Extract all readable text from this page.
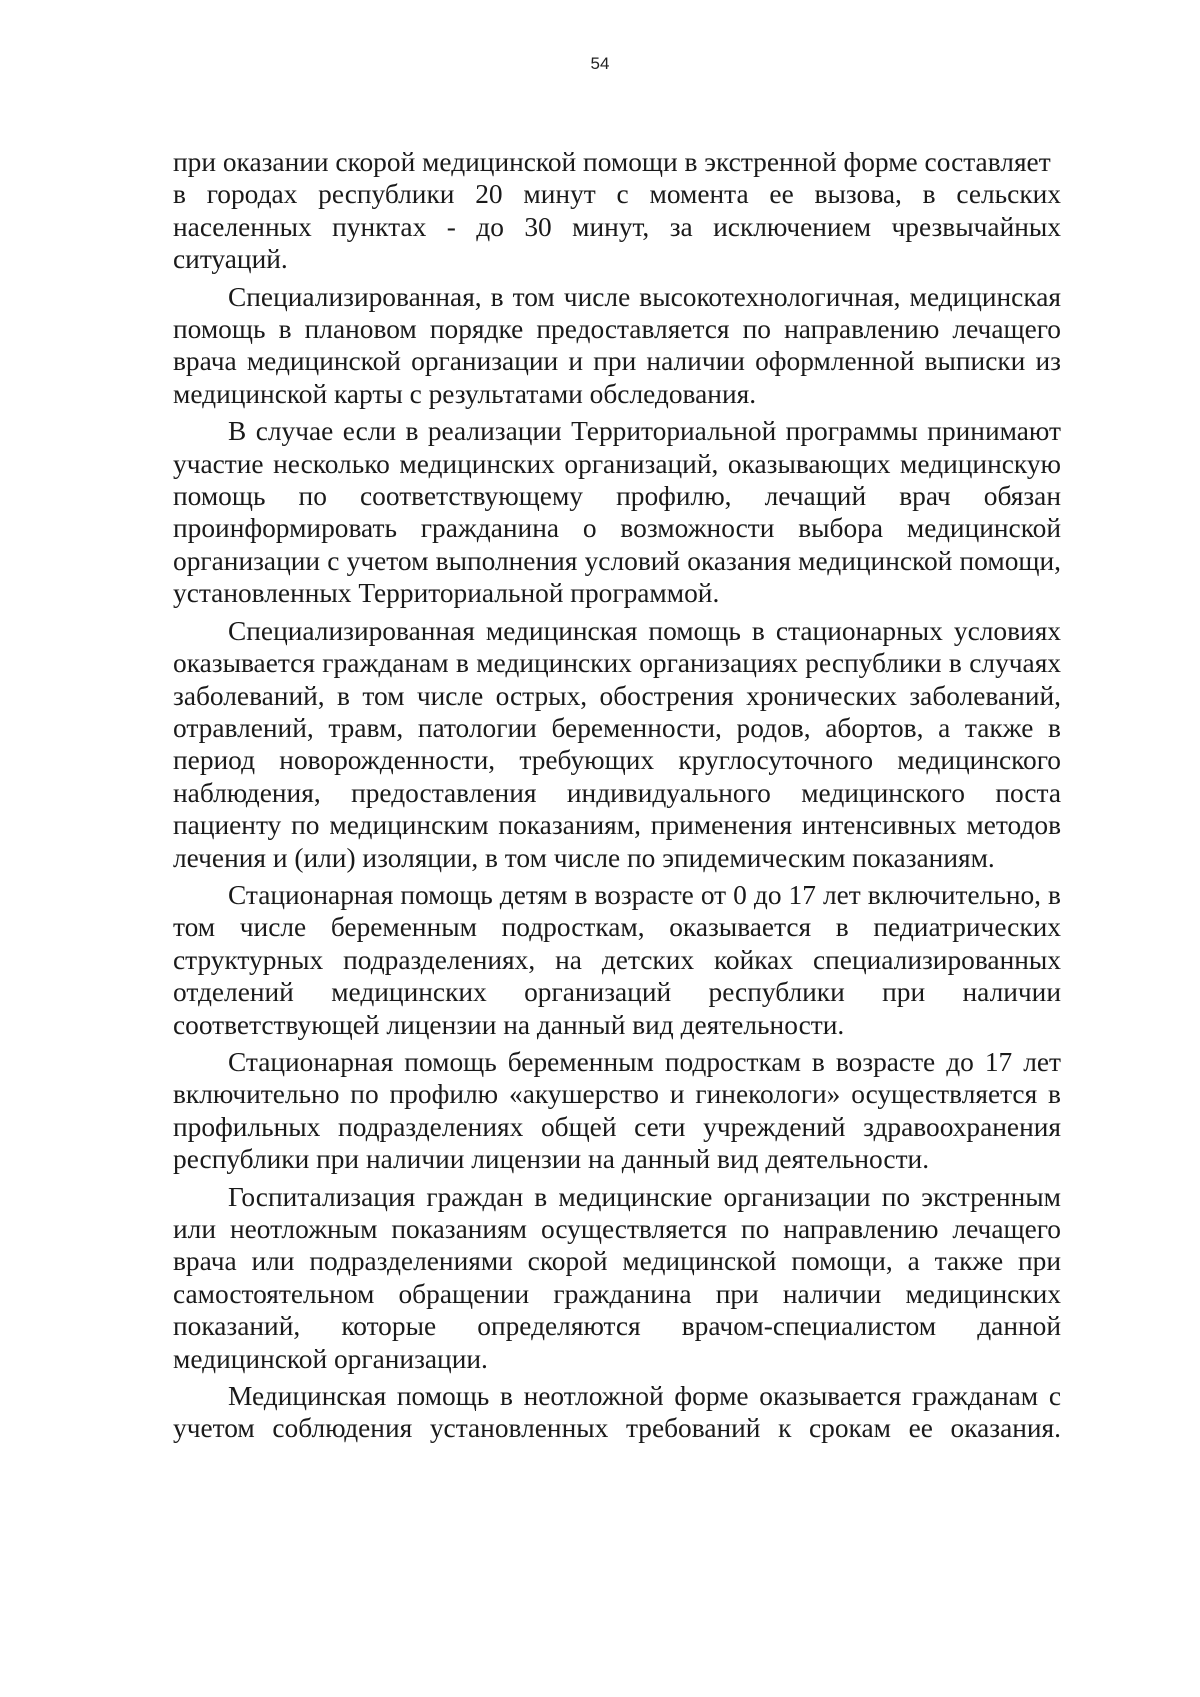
54

при оказании скорой медицинской помощи в экстренной форме составляет

в городах республики 20 минут с момента ее вызова, в сельских населенных пунктах - до 30 минут, за исключением чрезвычайных ситуаций.

Специализированная, в том числе высокотехнологичная, медицинская помощь в плановом порядке предоставляется по направлению лечащего врача медицинской организации и при наличии оформленной выписки из медицинской карты с результатами обследования.

В случае если в реализации Территориальной программы принимают участие несколько медицинских организаций, оказывающих медицинскую помощь по соответствующему профилю, лечащий врач обязан проинформировать гражданина о возможности выбора медицинской организации с учетом выполнения условий оказания медицинской помощи, установленных Территориальной программой.

Специализированная медицинская помощь в стационарных условиях оказывается гражданам в медицинских организациях республики в случаях заболеваний, в том числе острых, обострения хронических заболеваний, отравлений, травм, патологии беременности, родов, абортов, а также в период новорожденности, требующих круглосуточного медицинского наблюдения, предоставления индивидуального медицинского поста пациенту по медицинским показаниям, применения интенсивных методов лечения и (или) изоляции, в том числе по эпидемическим показаниям.

Стационарная помощь детям в возрасте от 0 до 17 лет включительно, в том числе беременным подросткам, оказывается в педиатрических структурных подразделениях, на детских койках специализированных отделений медицинских организаций республики при наличии соответствующей лицензии на данный вид деятельности.

Стационарная помощь беременным подросткам в возрасте до 17 лет включительно по профилю «акушерство и гинекологи» осуществляется в профильных подразделениях общей сети учреждений здравоохранения республики при наличии лицензии на данный вид деятельности.

Госпитализация граждан в медицинские организации по экстренным или неотложным показаниям осуществляется по направлению лечащего врача или подразделениями скорой медицинской помощи, а также при самостоятельном обращении гражданина при наличии медицинских показаний, которые определяются врачом-специалистом данной медицинской организации.

Медицинская помощь в неотложной форме оказывается гражданам с учетом соблюдения установленных требований к срокам ее оказания.
